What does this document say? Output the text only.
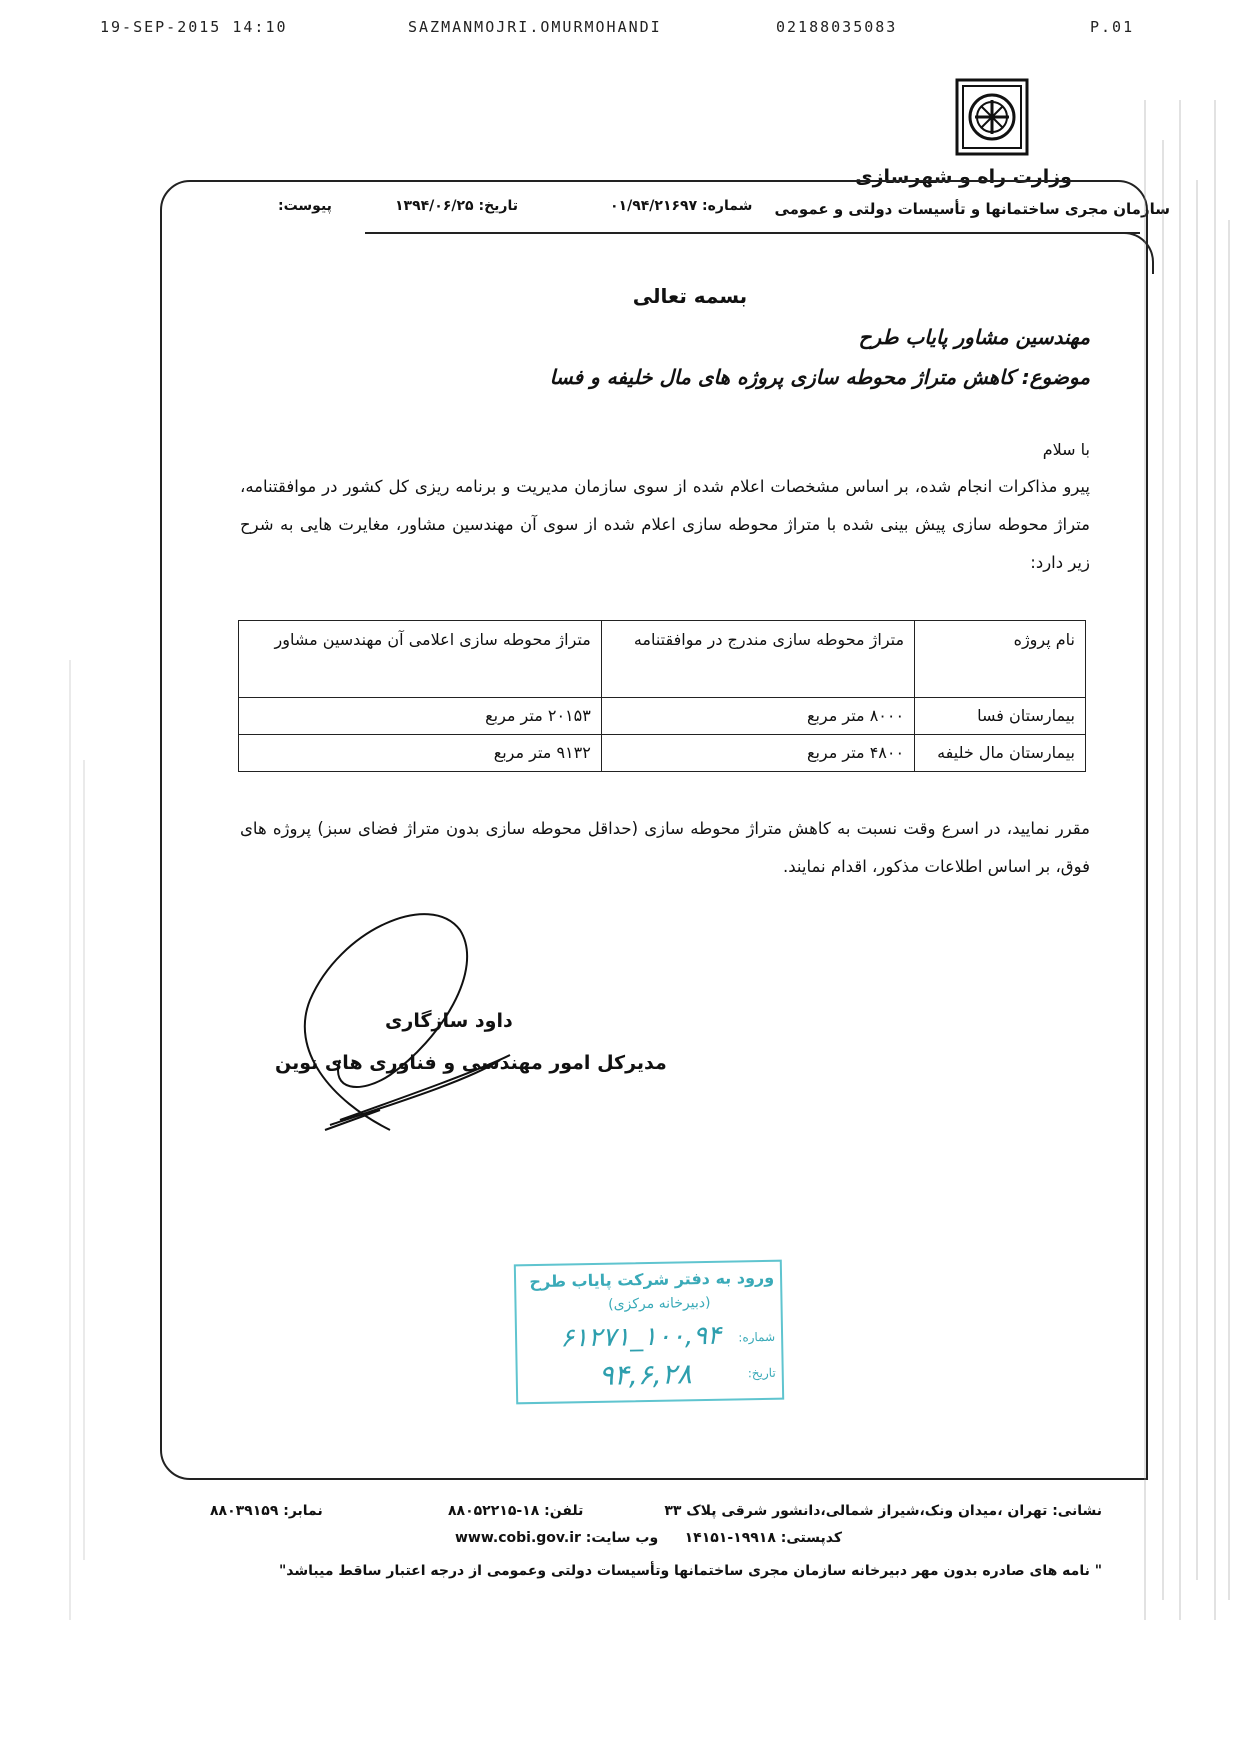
19-SEP-2015 14:10	SAZMANMOJRI.OMURMOHANDI	02188035083	P.01
وزارت راه و شهرسازی
سازمان مجری ساختمانها و تأسیسات دولتی و عمومی
شماره: ۰۱/۹۴/۲۱۶۹۷
تاریخ: ۱۳۹۴/۰۶/۲۵
پیوست:
بسمه تعالی
مهندسین مشاور پایاب طرح
موضوع: کاهش متراژ محوطه سازی پروژه های مال خلیفه و فسا
با سلام
پیرو مذاکرات انجام شده، بر اساس مشخصات اعلام شده از سوی سازمان مدیریت و برنامه ریزی کل کشور در موافقتنامه، متراژ محوطه سازی پیش بینی شده با متراژ محوطه سازی اعلام شده از سوی آن مهندسین مشاور، مغایرت هایی به شرح زیر دارد:
نام پروژه	متراژ محوطه سازی مندرج در موافقتنامه	متراژ محوطه سازی اعلامی آن مهندسین مشاور
بیمارستان فسا	۸۰۰۰ متر مربع	۲۰۱۵۳ متر مربع
بیمارستان مال خلیفه	۴۸۰۰ متر مربع	۹۱۳۲ متر مربع
مقرر نمایید، در اسرع وقت نسبت به کاهش متراژ محوطه سازی (حداقل محوطه سازی بدون متراژ فضای سبز) پروژه های فوق، بر اساس اطلاعات مذکور، اقدام نمایند.
داود سازگاری
مدیرکل امور مهندسی و فناوری های نوین
ورود به دفتر شرکت پایاب طرح
(دبیرخانه مرکزی)
شماره:
۱۰۰,۹۴_۶۱۲۷۱
تاریخ:
۹۴,۶,۲۸
نشانی: تهران ،میدان ونک،شیراز شمالی،دانشور شرقی پلاک ۳۳
تلفن: ۱۸-۸۸۰۵۲۲۱۵
نمابر: ۸۸۰۳۹۱۵۹
کدپستی: ۱۹۹۱۸-۱۴۱۵۱
وب سایت: www.cobi.gov.ir
" نامه های صادره بدون مهر دبیرخانه سازمان مجری ساختمانها وتأسیسات دولتی وعمومی از درجه اعتبار ساقط میباشد"
